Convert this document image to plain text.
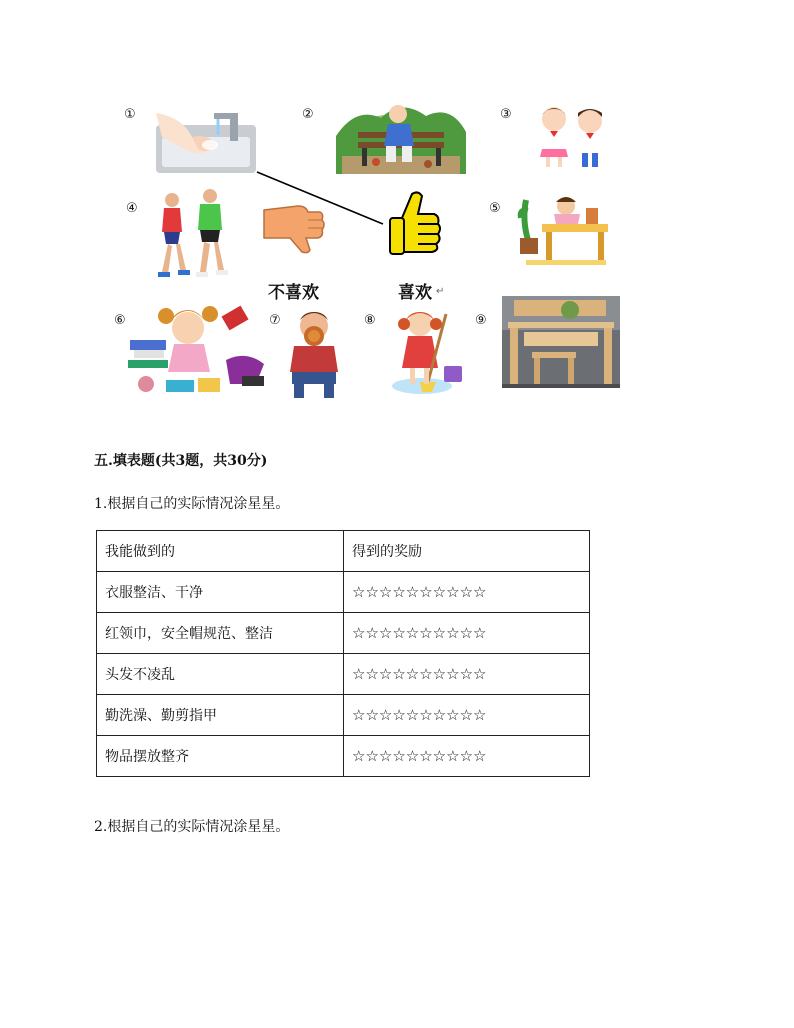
①	②	③
④	⑤
⑥	⑦	⑧	⑨
不喜欢	喜欢 ↵
五.填表题(共3题，共30分)
1.根据自己的实际情况涂星星。
我能做到的	得到的奖励
衣服整洁、干净	☆☆☆☆☆☆☆☆☆☆
红领巾，安全帽规范、整洁	☆☆☆☆☆☆☆☆☆☆
头发不凌乱	☆☆☆☆☆☆☆☆☆☆
勤洗澡、勤剪指甲	☆☆☆☆☆☆☆☆☆☆
物品摆放整齐	☆☆☆☆☆☆☆☆☆☆
2.根据自己的实际情况涂星星。
